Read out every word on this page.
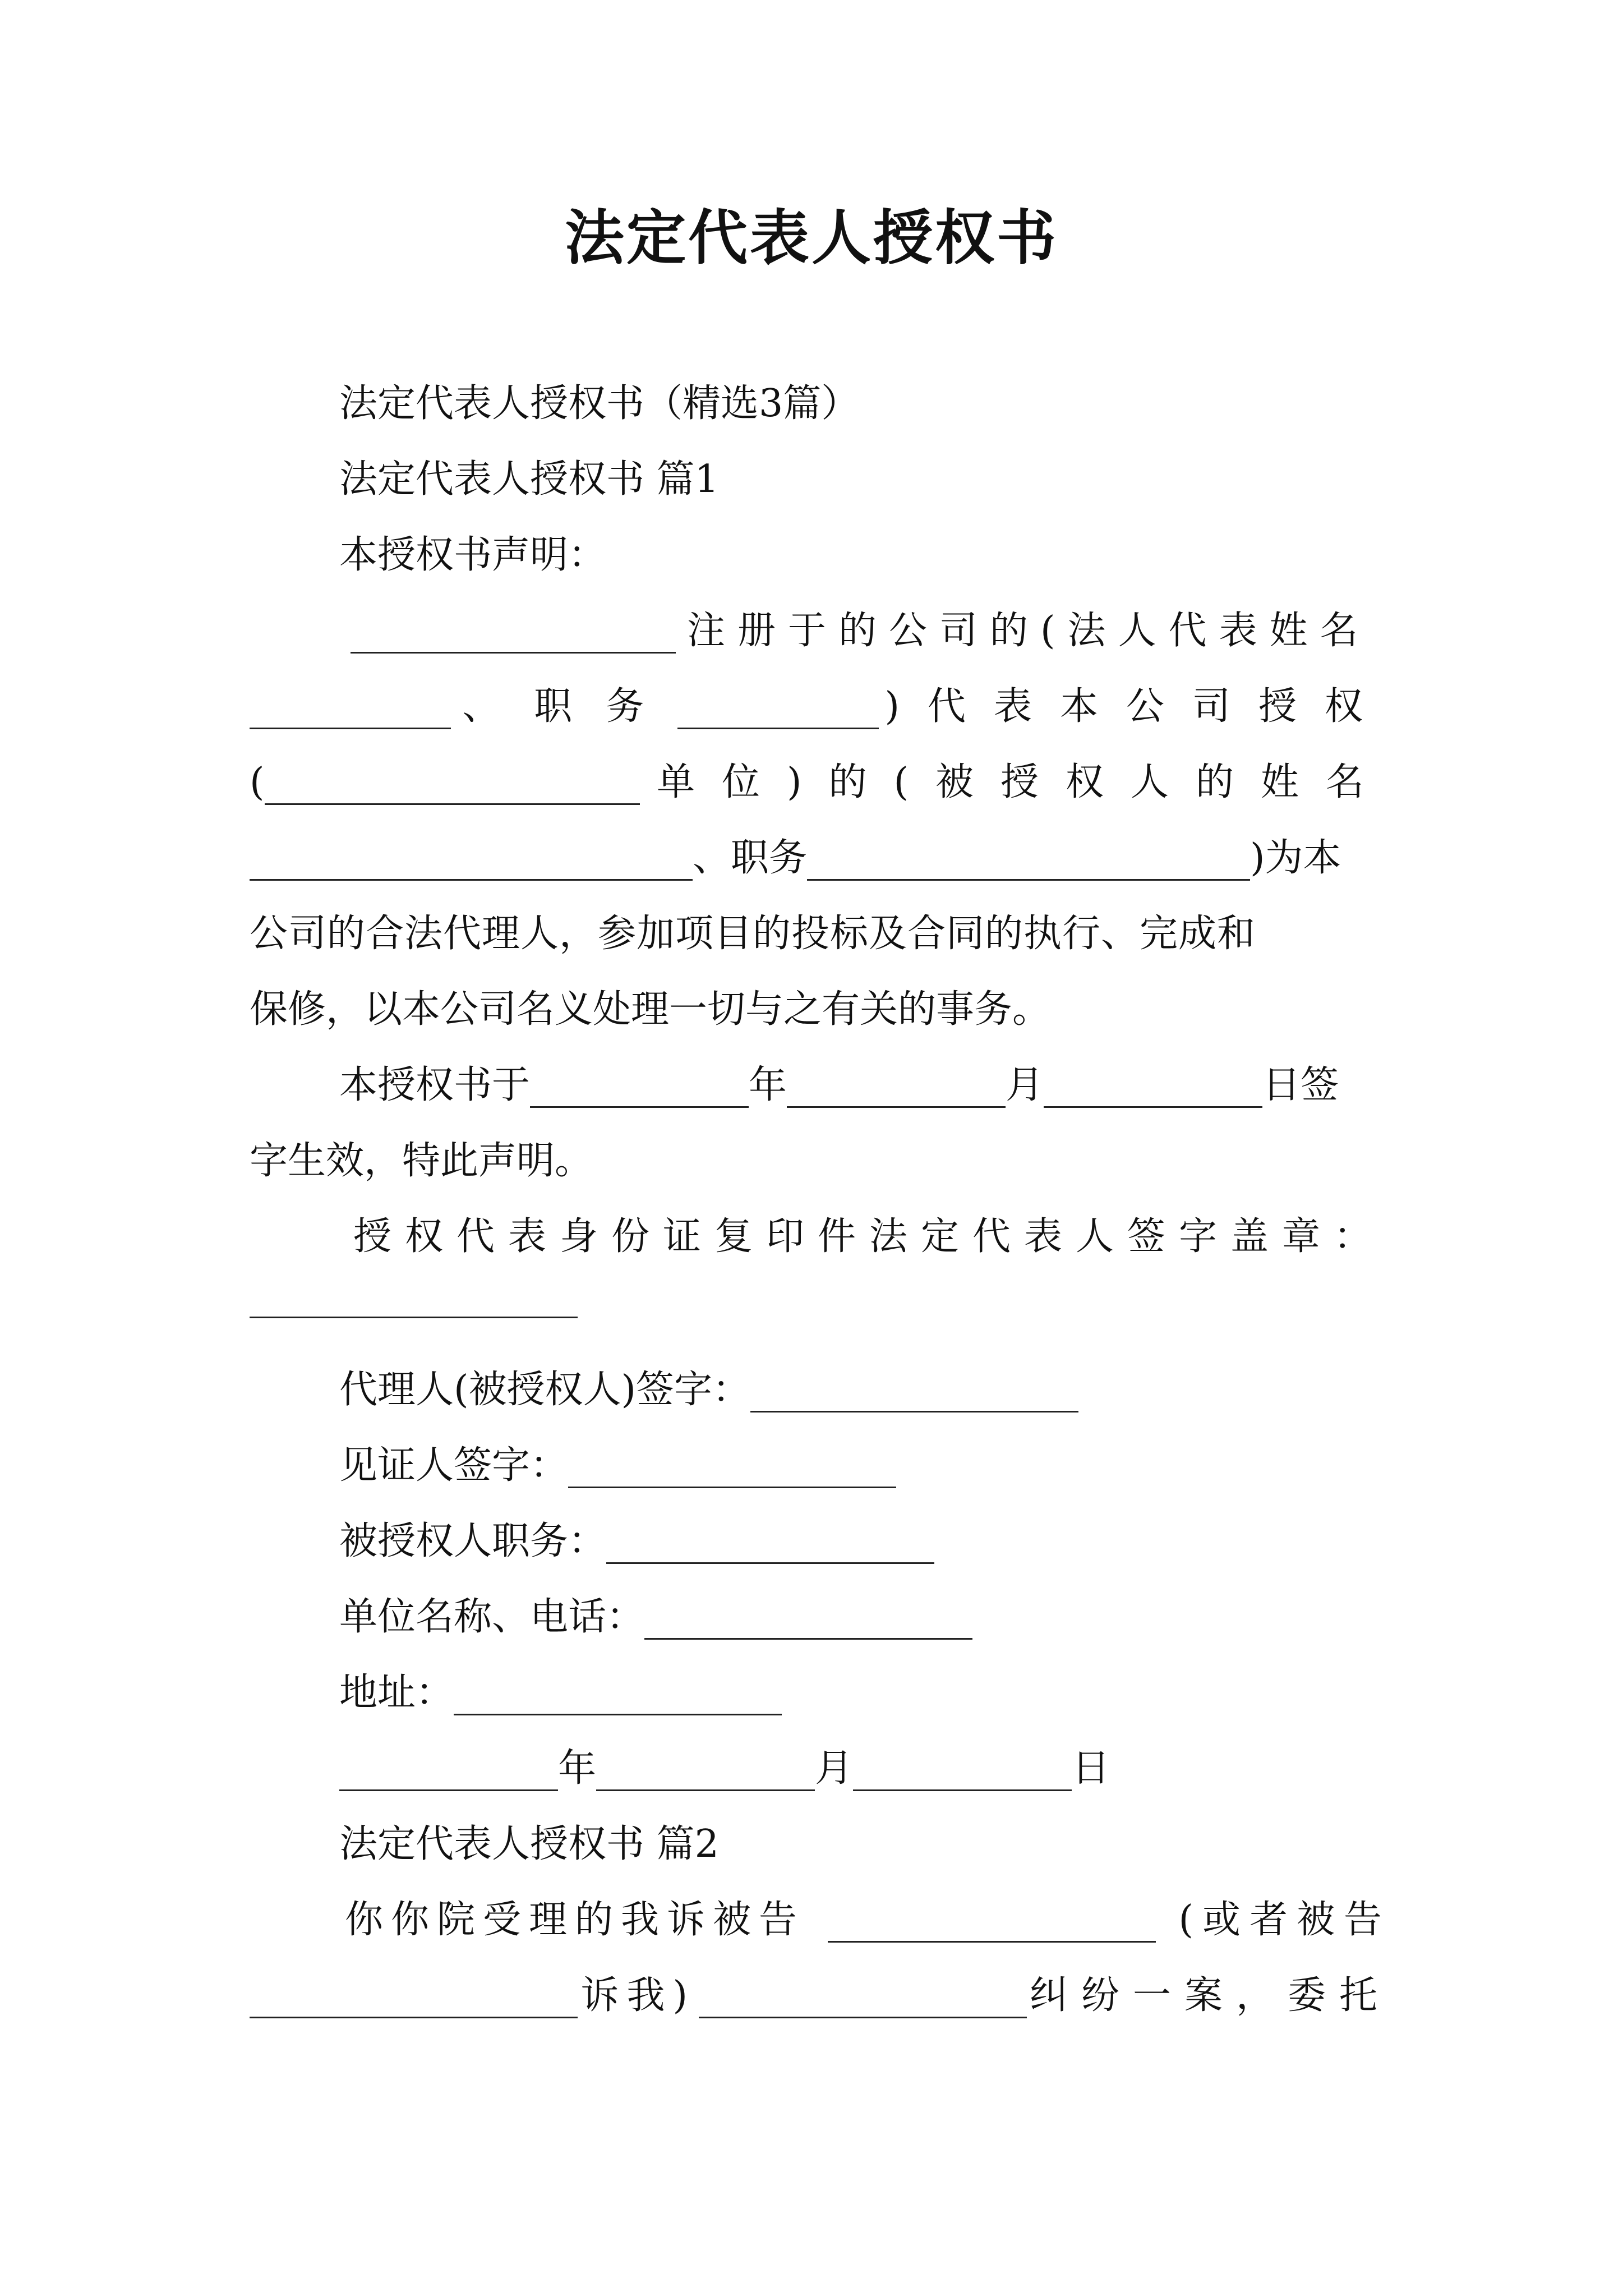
法定代表人授权书
法定代表人授权书（精选3篇）
法定代表人授权书 篇1
本授权书声明：
注册于的公司的(法人代表姓名
、职务	)代表本公司授权
(	单位)的(被授权人的姓名
、职务	)为本
公司的合法代理人，参加项目的投标及合同的执行、完成和
保修，以本公司名义处理一切与之有关的事务。
本授权书于	年	月	日签
字生效，特此声明。
授权代表身份证复印件法定代表人签字盖章：
代理人(被授权人)签字：
见证人签字：
被授权人职务：
单位名称、电话：
地址：
年	月	日
法定代表人授权书 篇2
你你院受理的我诉被告	(或者被告
诉我)	纠纷一案，委托
